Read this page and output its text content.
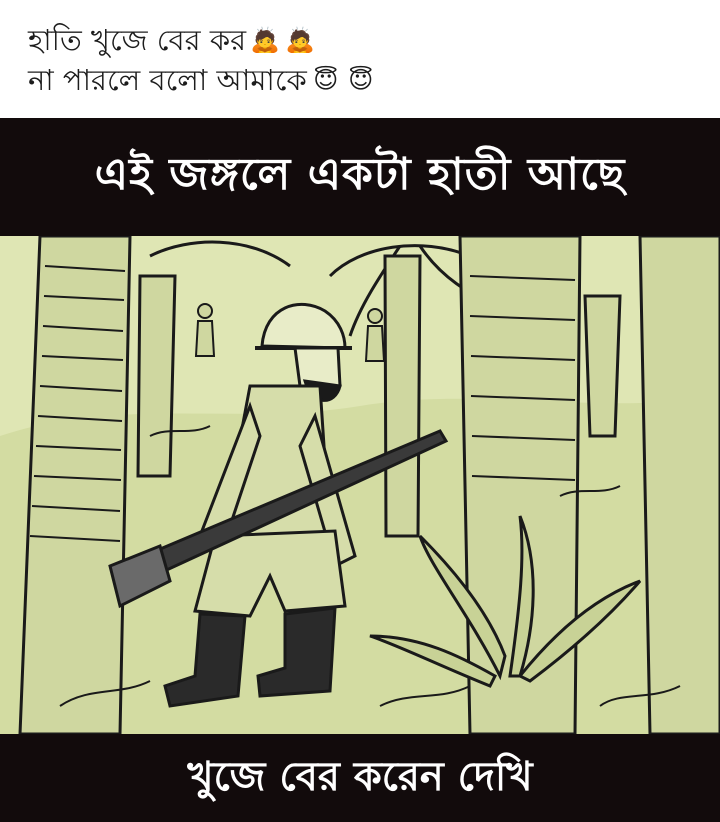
হাতি খুজে বের কর 🙇 🙇
না পারলে বলো আমাকে 😇 😇
এই জঙ্গলে একটা হাতী আছে
খুজে বের করেন দেখি
